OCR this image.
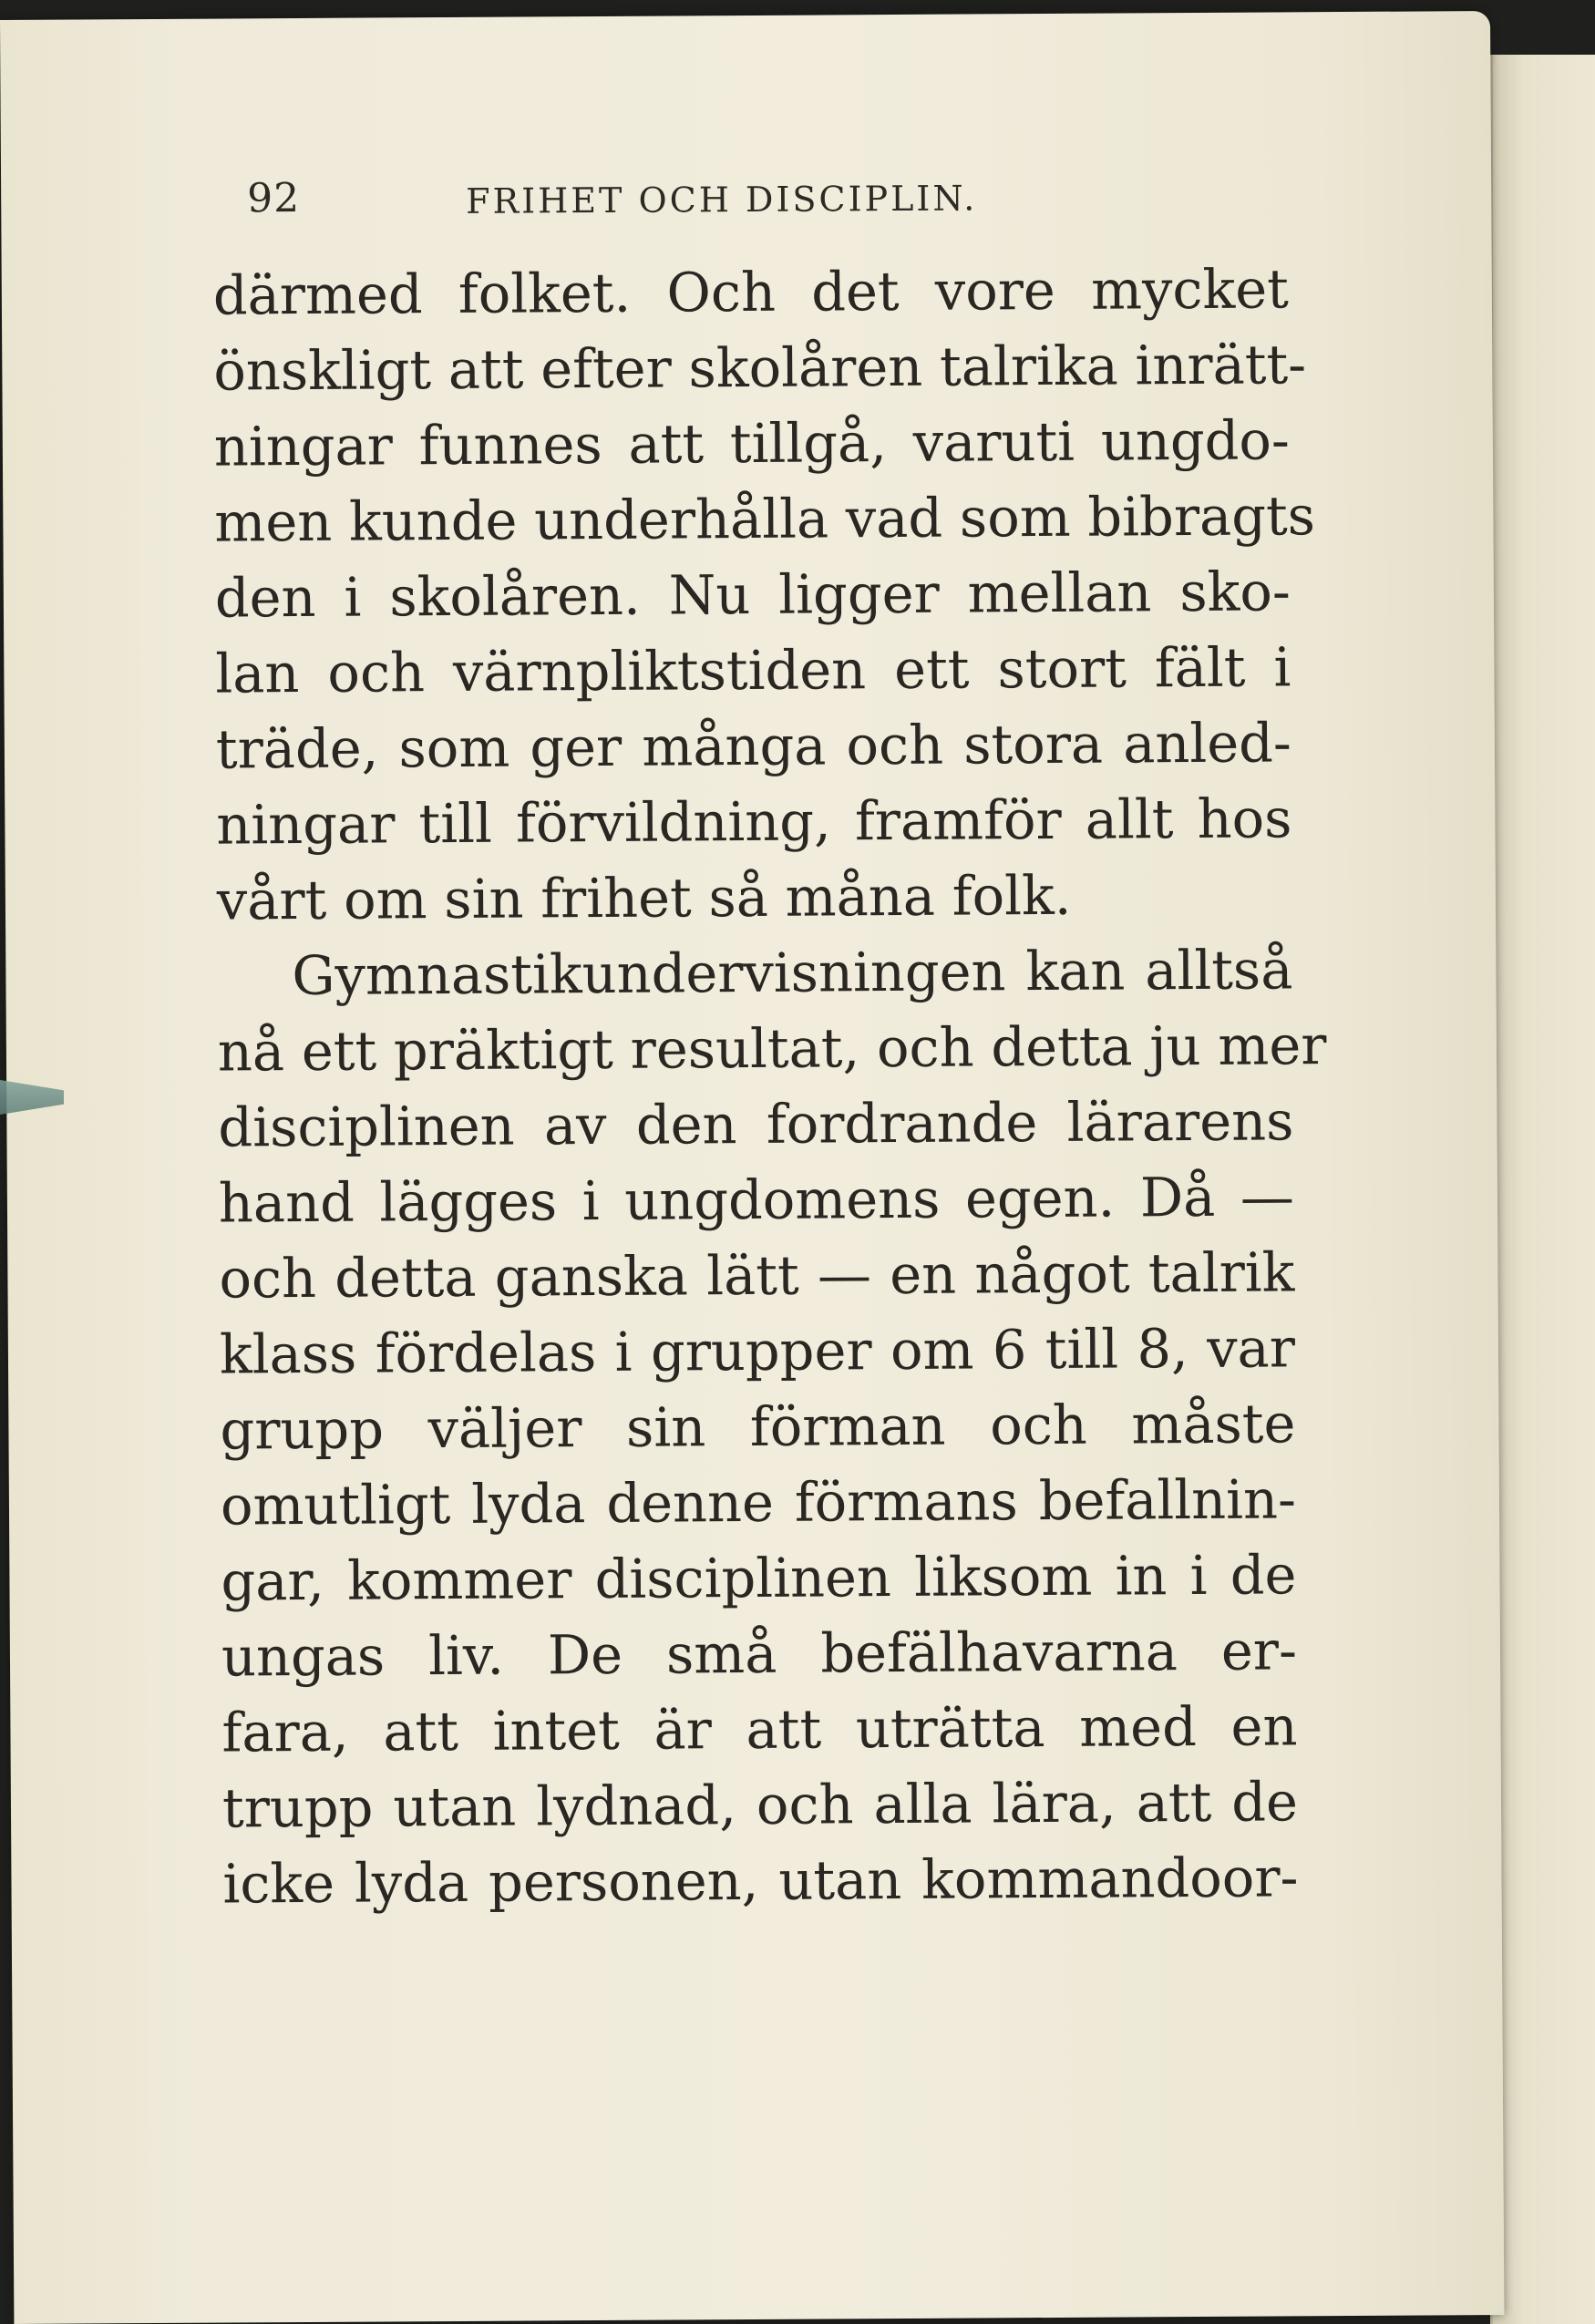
92	FRIHET OCH DISCIPLIN.
därmed folket. Och det vore mycket
önskligt att efter skolåren talrika inrätt-
ningar funnes att tillgå, varuti ungdo-
men kunde underhålla vad som bibragts
den i skolåren. Nu ligger mellan sko-
lan och värnpliktstiden ett stort fält i
träde, som ger många och stora anled-
ningar till förvildning, framför allt hos
vårt om sin frihet så måna folk.
Gymnastikundervisningen kan alltså
nå ett präktigt resultat, och detta ju mer
disciplinen av den fordrande lärarens
hand lägges i ungdomens egen. Då —
och detta ganska lätt — en något talrik
klass fördelas i grupper om 6 till 8, var
grupp väljer sin förman och måste
omutligt lyda denne förmans befallnin-
gar, kommer disciplinen liksom in i de
ungas liv. De små befälhavarna er-
fara, att intet är att uträtta med en
trupp utan lydnad, och alla lära, att de
icke lyda personen, utan kommandoor-
